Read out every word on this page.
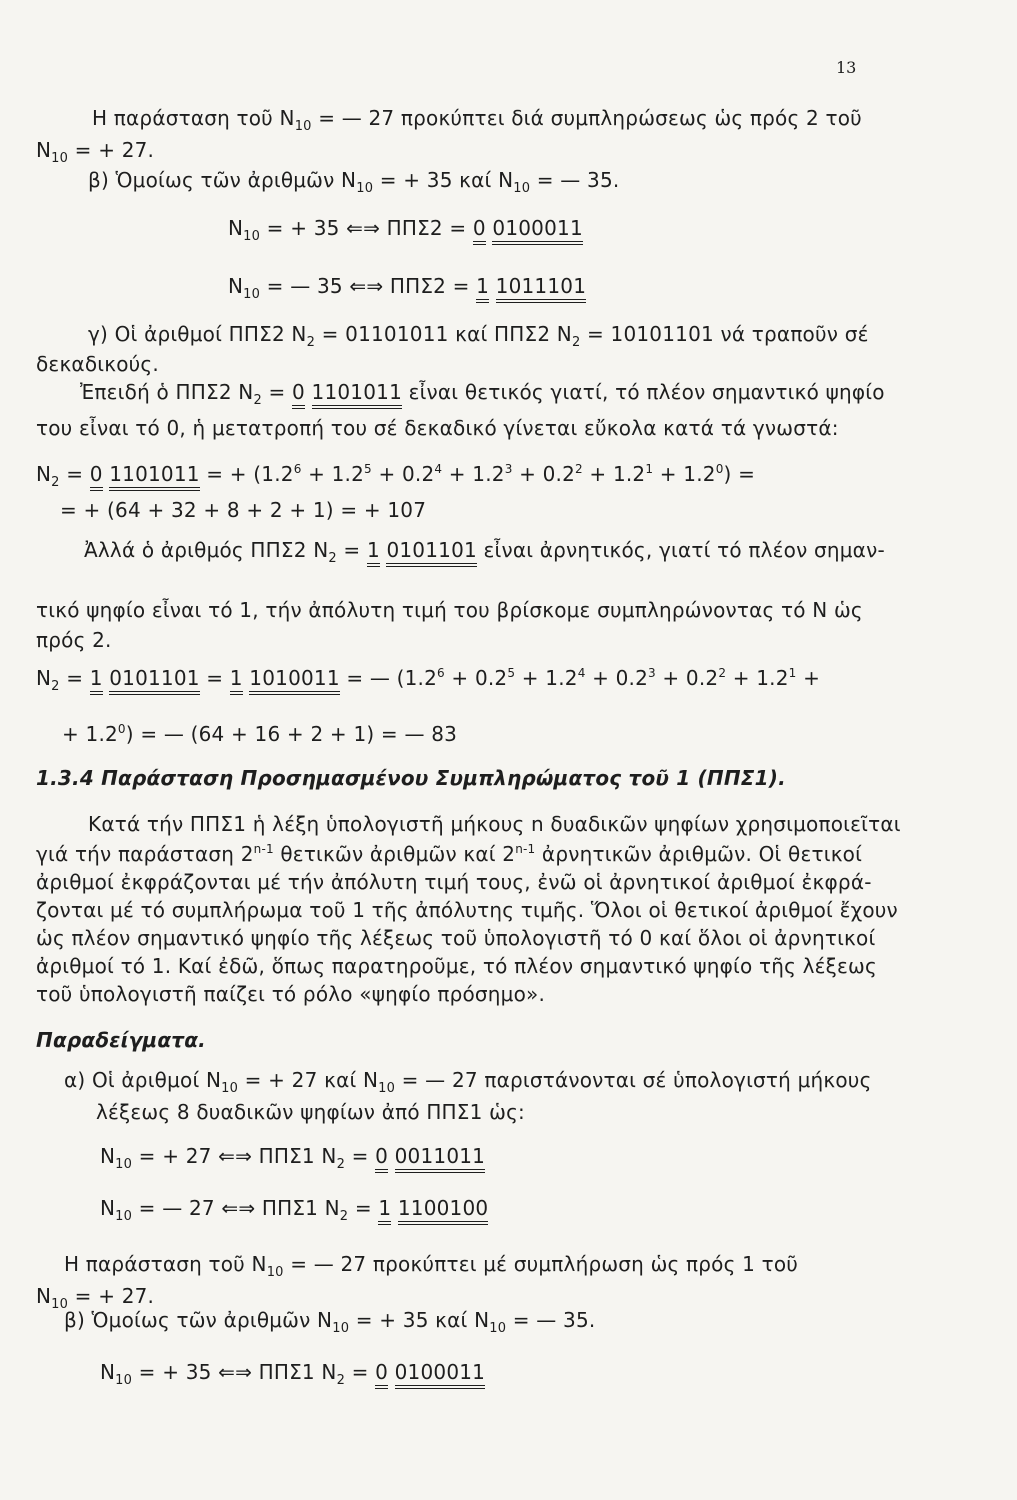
13
Η παράσταση τοῦ $N_{10}$ = — 27 προκύπτει διά συμπληρώσεως ὡς πρός 2 τοῦ
$N_{10}$ = + 27.
β) Ὁμοίως τῶν ἀριθμῶν $N_{10}$ = + 35 καί $N_{10}$ = — 35.
$N_{10}$ = + 35 ⇐⇒ ΠΠΣ2 = 0 0100011
$N_{10}$ = — 35 ⇐⇒ ΠΠΣ2 = 1 1011101
γ) Οἱ ἀριθμοί ΠΠΣ2 $N_2 = 01101011$ καί ΠΠΣ2 $N_2 = 10101101$ νά τραποῦν σέ
δεκαδικούς.
Ἐπειδή ὁ ΠΠΣ2 $N_2 = 0$ 1101011 εἶναι θετικός γιατί, τό πλέον σημαντικό ψηφίο
του εἶναι τό 0, ἡ μετατροπή του σέ δεκαδικό γίνεται εὔκολα κατά τά γνωστά:
$N_2 = 0$ 1101011 = + $(1.2^6 + 1.2^5 + 0.2^4 + 1.2^3 + 0.2^2 + 1.2^1 + 1.2^0)$ =
= + (64 + 32 + 8 + 2 + 1) = + 107
Ἀλλά ὁ ἀριθμός ΠΠΣ2 $N_2 = 1$ 0101101 εἶναι ἀρνητικός, γιατί τό πλέον σημαν-
τικό ψηφίο εἶναι τό 1, τήν ἀπόλυτη τιμή του βρίσκομε συμπληρώνοντας τό N ὡς
πρός 2.
$N_2 = 1$ 0101101 = 1 1010011 = — ($1.2^6 + 0.2^5 + 1.2^4 + 0.2^3 + 0.2^2 + 1.2^1$ +
+ $1.2^0$) = — (64 + 16 + 2 + 1) = — 83
1.3.4 Παράσταση Προσημασμένου Συμπληρώματος τοῦ 1 (ΠΠΣ1).
Κατά τήν ΠΠΣ1 ἡ λέξη ὑπολογιστῆ μήκους n δυαδικῶν ψηφίων χρησιμοποιεῖται
γιά τήν παράσταση 2$^{n-1}$ θετικῶν ἀριθμῶν καί 2$^{n-1}$ ἀρνητικῶν ἀριθμῶν. Οἱ θετικοί
ἀριθμοί ἐκφράζονται μέ τήν ἀπόλυτη τιμή τους, ἐνῶ οἱ ἀρνητικοί ἀριθμοί ἐκφρά-
ζονται μέ τό συμπλήρωμα τοῦ 1 τῆς ἀπόλυτης τιμῆς. Ὅλοι οἱ θετικοί ἀριθμοί ἔχουν
ὡς πλέον σημαντικό ψηφίο τῆς λέξεως τοῦ ὑπολογιστῆ τό 0 καί ὅλοι οἱ ἀρνητικοί
ἀριθμοί τό 1. Καί ἐδῶ, ὅπως παρατηροῦμε, τό πλέον σημαντικό ψηφίο τῆς λέξεως
τοῦ ὑπολογιστῆ παίζει τό ρόλο «ψηφίο πρόσημο».
Παραδείγματα.
α) Οἱ ἀριθμοί $N_{10}$ = + 27 καί $N_{10}$ = — 27 παριστάνονται σέ ὑπολογιστή μήκους
λέξεως 8 δυαδικῶν ψηφίων ἀπό ΠΠΣ1 ὡς:
$N_{10}$ = + 27 ⇐⇒ ΠΠΣ1 $N_2 = 0$ 0011011
$N_{10}$ = — 27 ⇐⇒ ΠΠΣ1 $N_2 = 1$ 1100100
Η παράσταση τοῦ $N_{10}$ = — 27 προκύπτει μέ συμπλήρωση ὡς πρός 1 τοῦ
$N_{10}$ = + 27.
β) Ὁμοίως τῶν ἀριθμῶν $N_{10}$ = + 35 καί $N_{10}$ = — 35.
$N_{10}$ = + 35 ⇐⇒ ΠΠΣ1 $N_2 = 0$ 0100011
